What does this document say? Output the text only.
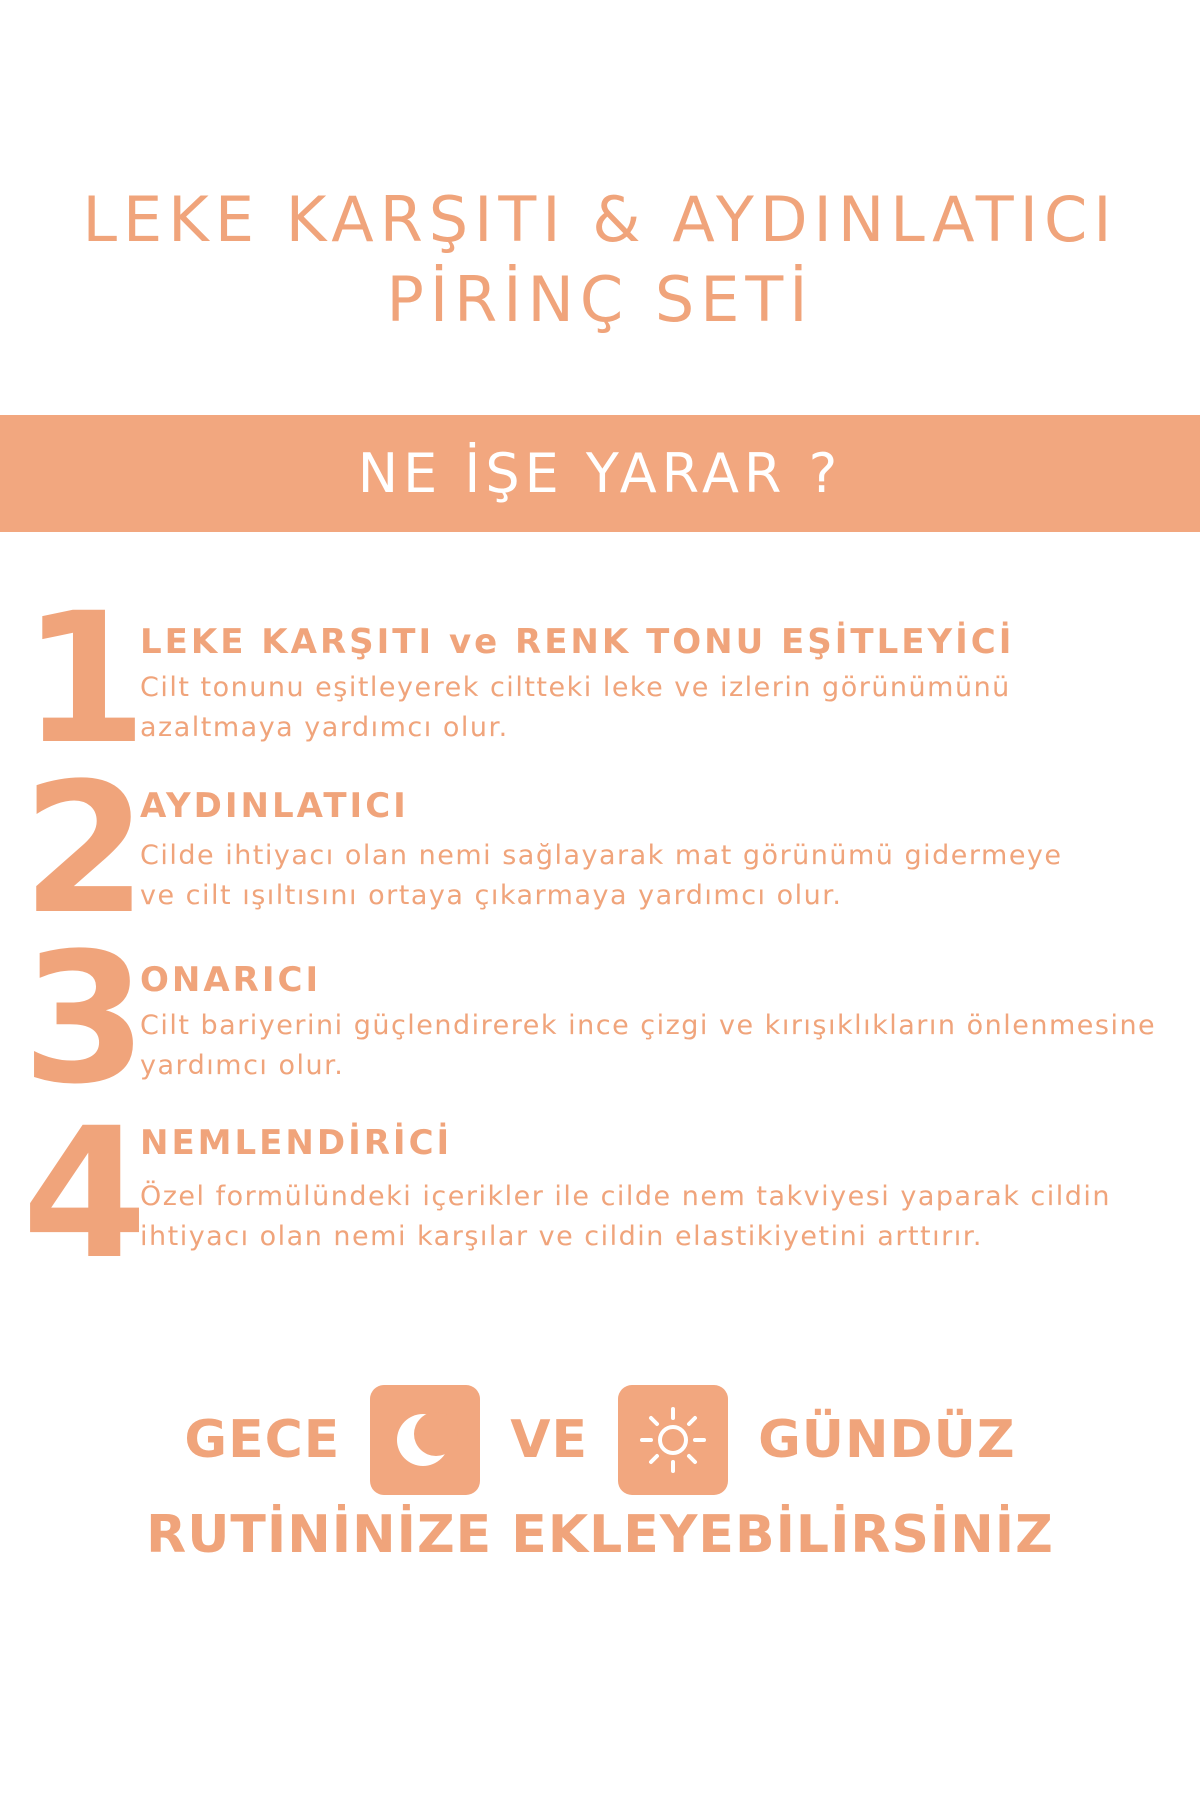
LEKE KARŞITI & AYDINLATICI
PİRİNÇ SETİ
NE İŞE YARAR ?
1
LEKE KARŞITI ve RENK TONU EŞİTLEYİCİ
Cilt tonunu eşitleyerek ciltteki leke ve izlerin görünümünü
azaltmaya yardımcı olur.
2
AYDINLATICI
Cilde ihtiyacı olan nemi sağlayarak mat görünümü gidermeye
ve cilt ışıltısını ortaya çıkarmaya yardımcı olur.
3
ONARICI
Cilt bariyerini güçlendirerek ince çizgi ve kırışıklıkların önlenmesine
yardımcı olur.
4
NEMLENDİRİCİ
Özel formülündeki içerikler ile cilde nem takviyesi yaparak cildin
ihtiyacı olan nemi karşılar ve cildin elastikiyetini arttırır.
GECE	VE	GÜNDÜZ
RUTİNİNİZE EKLEYEBİLİRSİNİZ
